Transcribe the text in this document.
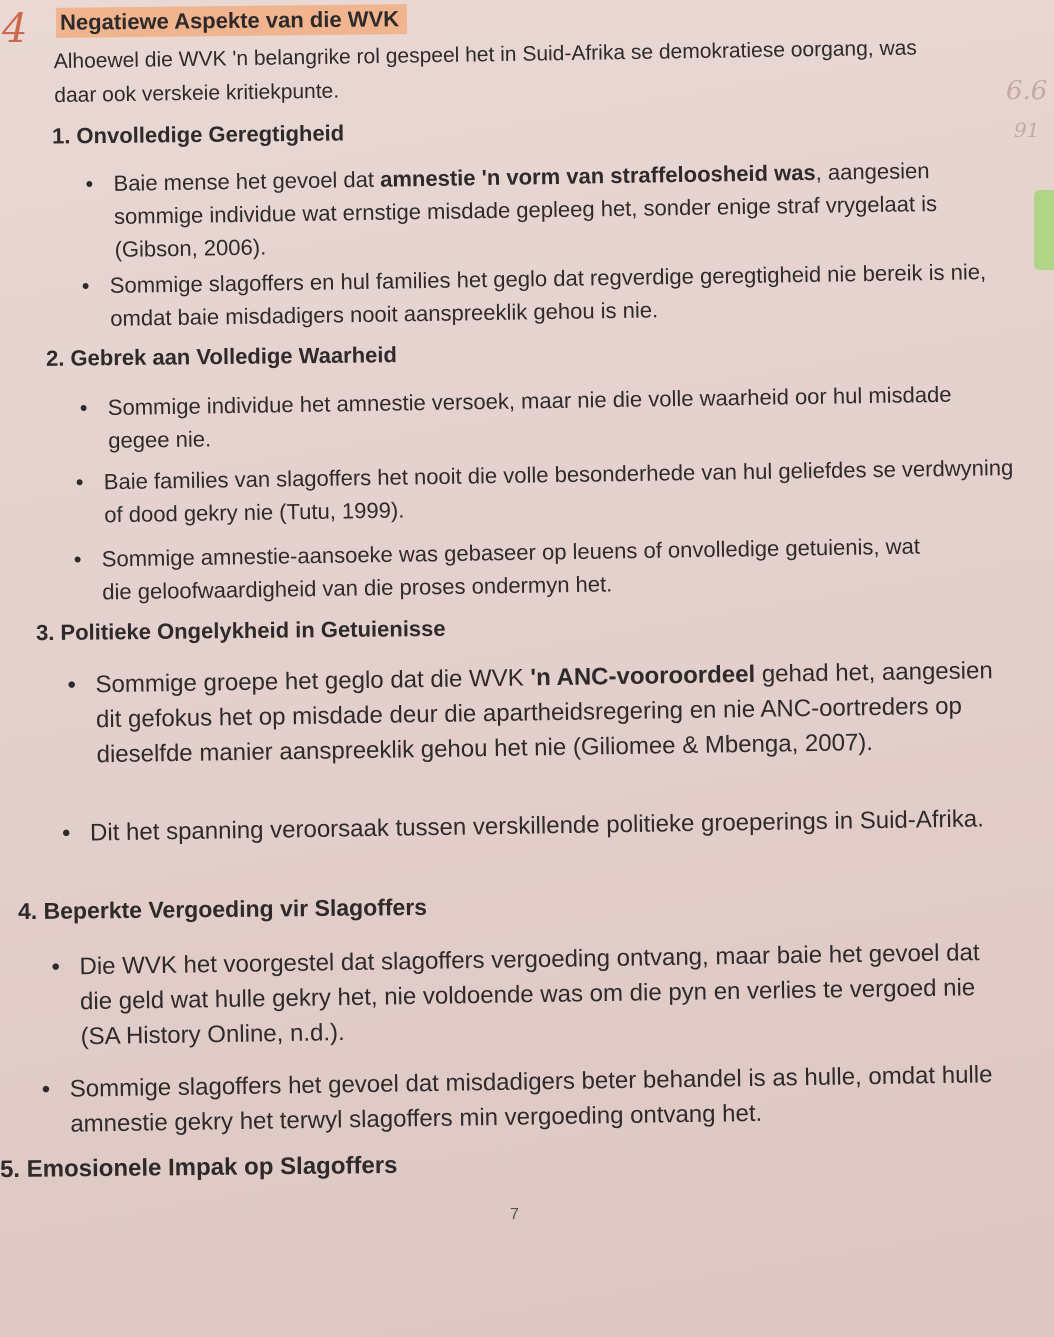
4
6.6
91
Negatiewe Aspekte van die WVK
Alhoewel die WVK 'n belangrike rol gespeel het in Suid-Afrika se demokratiese oorgang, was daar ook verskeie kritiekpunte.
1. Onvolledige Geregtigheid
• Baie mense het gevoel dat amnestie 'n vorm van straffeloosheid was, aangesien sommige individue wat ernstige misdade gepleeg het, sonder enige straf vrygelaat is (Gibson, 2006).
• Sommige slagoffers en hul families het geglo dat regverdige geregtigheid nie bereik is nie, omdat baie misdadigers nooit aanspreeklik gehou is nie.
2. Gebrek aan Volledige Waarheid
• Sommige individue het amnestie versoek, maar nie die volle waarheid oor hul misdade gegee nie.
• Baie families van slagoffers het nooit die volle besonderhede van hul geliefdes se verdwyning of dood gekry nie (Tutu, 1999).
• Sommige amnestie-aansoeke was gebaseer op leuens of onvolledige getuienis, wat die geloofwaardigheid van die proses ondermyn het.
3. Politieke Ongelykheid in Getuienisse
• Sommige groepe het geglo dat die WVK 'n ANC-vooroordeel gehad het, aangesien dit gefokus het op misdade deur die apartheidsregering en nie ANC-oortreders op dieselfde manier aanspreeklik gehou het nie (Giliomee & Mbenga, 2007).
• Dit het spanning veroorsaak tussen verskillende politieke groeperings in Suid-Afrika.
4. Beperkte Vergoeding vir Slagoffers
• Die WVK het voorgestel dat slagoffers vergoeding ontvang, maar baie het gevoel dat die geld wat hulle gekry het, nie voldoende was om die pyn en verlies te vergoed nie (SA History Online, n.d.).
• Sommige slagoffers het gevoel dat misdadigers beter behandel is as hulle, omdat hulle amnestie gekry het terwyl slagoffers min vergoeding ontvang het.
5. Emosionele Impak op Slagoffers
7
